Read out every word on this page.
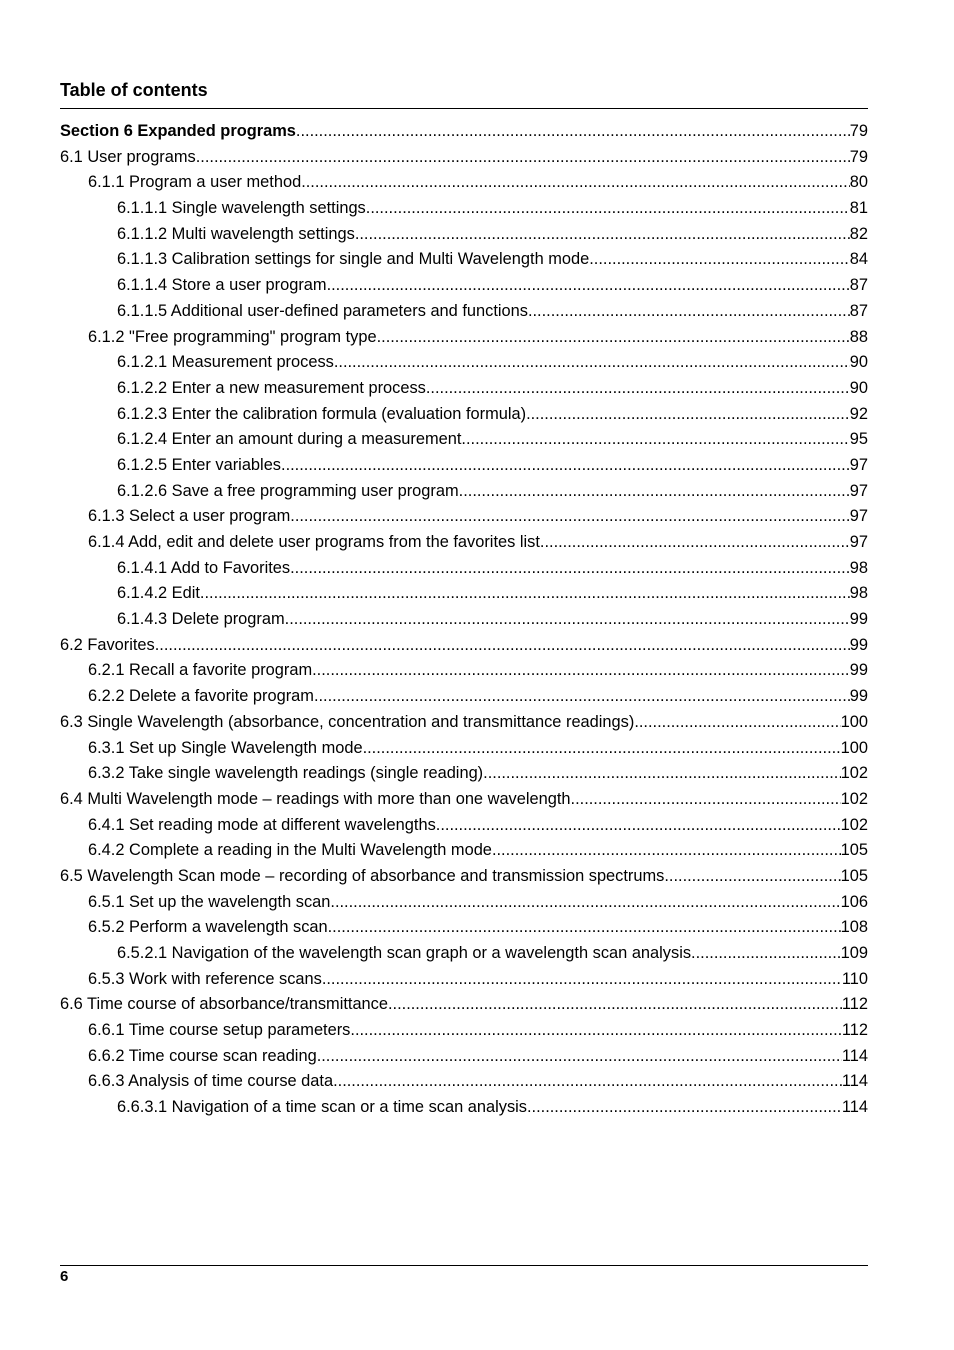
Table of contents
Section 6 Expanded programs .....	79
6.1 User programs .....	79
6.1.1 Program a user method .....	80
6.1.1.1 Single wavelength settings .....	81
6.1.1.2 Multi wavelength settings .....	82
6.1.1.3 Calibration settings for single and Multi Wavelength mode .....	84
6.1.1.4 Store a user program .....	87
6.1.1.5 Additional user-defined parameters and functions .....	87
6.1.2 "Free programming" program type .....	88
6.1.2.1 Measurement process .....	90
6.1.2.2 Enter a new measurement process .....	90
6.1.2.3 Enter the calibration formula (evaluation formula) .....	92
6.1.2.4 Enter an amount during a measurement .....	95
6.1.2.5 Enter variables .....	97
6.1.2.6 Save a free programming user program .....	97
6.1.3 Select a user program .....	97
6.1.4 Add, edit and delete user programs from the favorites list .....	97
6.1.4.1 Add to Favorites .....	98
6.1.4.2 Edit .....	98
6.1.4.3 Delete program .....	99
6.2 Favorites .....	99
6.2.1 Recall a favorite program .....	99
6.2.2 Delete a favorite program .....	99
6.3 Single Wavelength (absorbance, concentration and transmittance readings) .....	100
6.3.1 Set up Single Wavelength mode .....	100
6.3.2 Take single wavelength readings (single reading) .....	102
6.4 Multi Wavelength mode – readings with more than one wavelength .....	102
6.4.1 Set reading mode at different wavelengths .....	102
6.4.2 Complete a reading in the Multi Wavelength mode .....	105
6.5 Wavelength Scan mode – recording of absorbance and transmission spectrums .....	105
6.5.1 Set up the wavelength scan .....	106
6.5.2 Perform a wavelength scan .....	108
6.5.2.1 Navigation of the wavelength scan graph or a wavelength scan analysis .....	109
6.5.3 Work with reference scans .....	110
6.6 Time course of absorbance/transmittance .....	112
6.6.1 Time course setup parameters .....	112
6.6.2 Time course scan reading .....	114
6.6.3 Analysis of time course data .....	114
6.6.3.1 Navigation of a time scan or a time scan analysis .....	114
6
